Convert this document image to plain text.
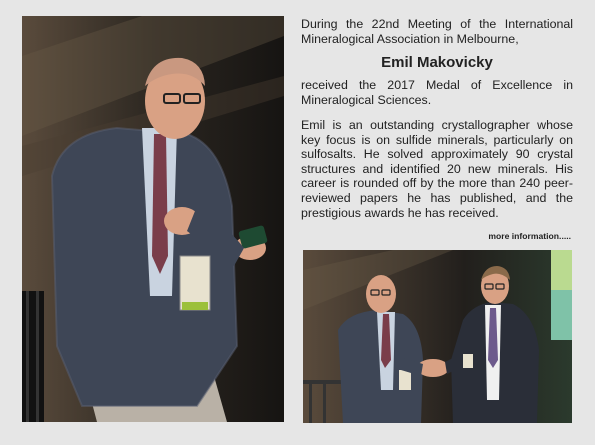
During the 22nd Meeting of the International Mineralogical Association in Melbourne,
Emil Makovicky
received the 2017 Medal of Excellence in Mineralogical Sciences.
Emil is an outstanding crystallographer whose key focus is on sulfide minerals, particularly on sulfosalts. He solved approximately 90 crystal structures and identified 20 new minerals. His career is rounded off by the more than 240 peer-reviewed papers he has published, and the prestigious awards he has received.
more information.....
